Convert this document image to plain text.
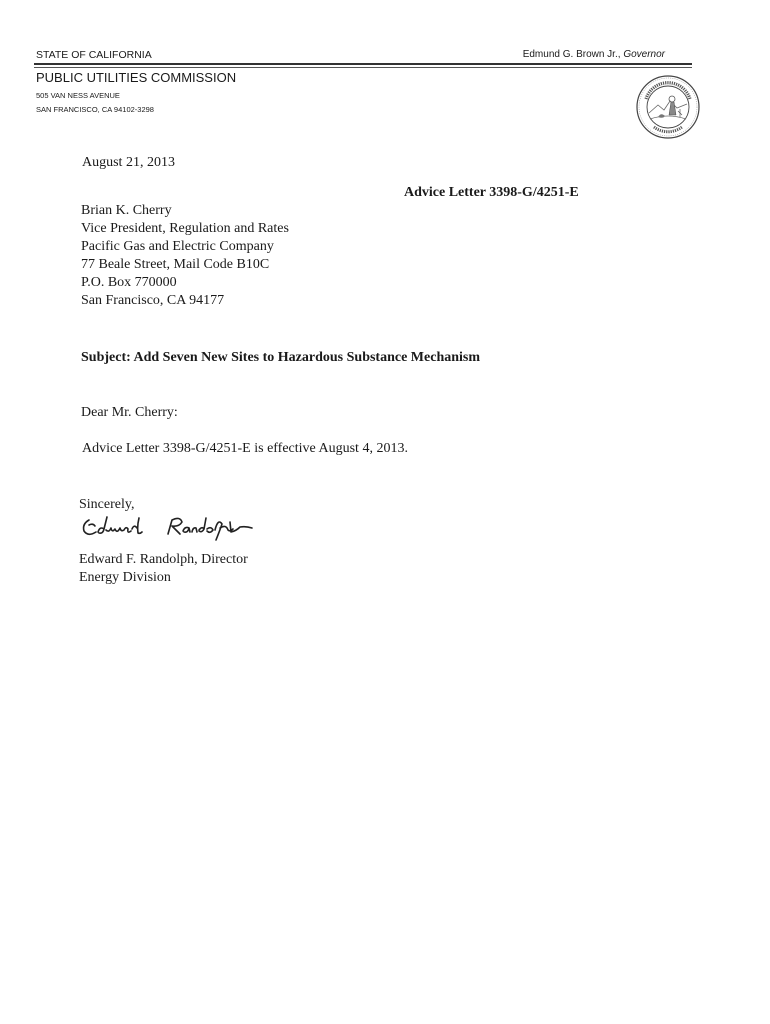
STATE OF CALIFORNIA	Edmund G. Brown Jr., Governor
PUBLIC UTILITIES COMMISSION
505 VAN NESS AVENUE
SAN FRANCISCO, CA 94102-3298
August 21, 2013
Advice Letter 3398-G/4251-E
Brian K. Cherry
Vice President, Regulation and Rates
Pacific Gas and Electric Company
77 Beale Street, Mail Code B10C
P.O. Box 770000
San Francisco, CA 94177
Subject: Add Seven New Sites to Hazardous Substance Mechanism
Dear Mr. Cherry:
Advice Letter 3398-G/4251-E is effective August 4, 2013.
Sincerely,
Edward F. Randolph, Director
Energy Division
